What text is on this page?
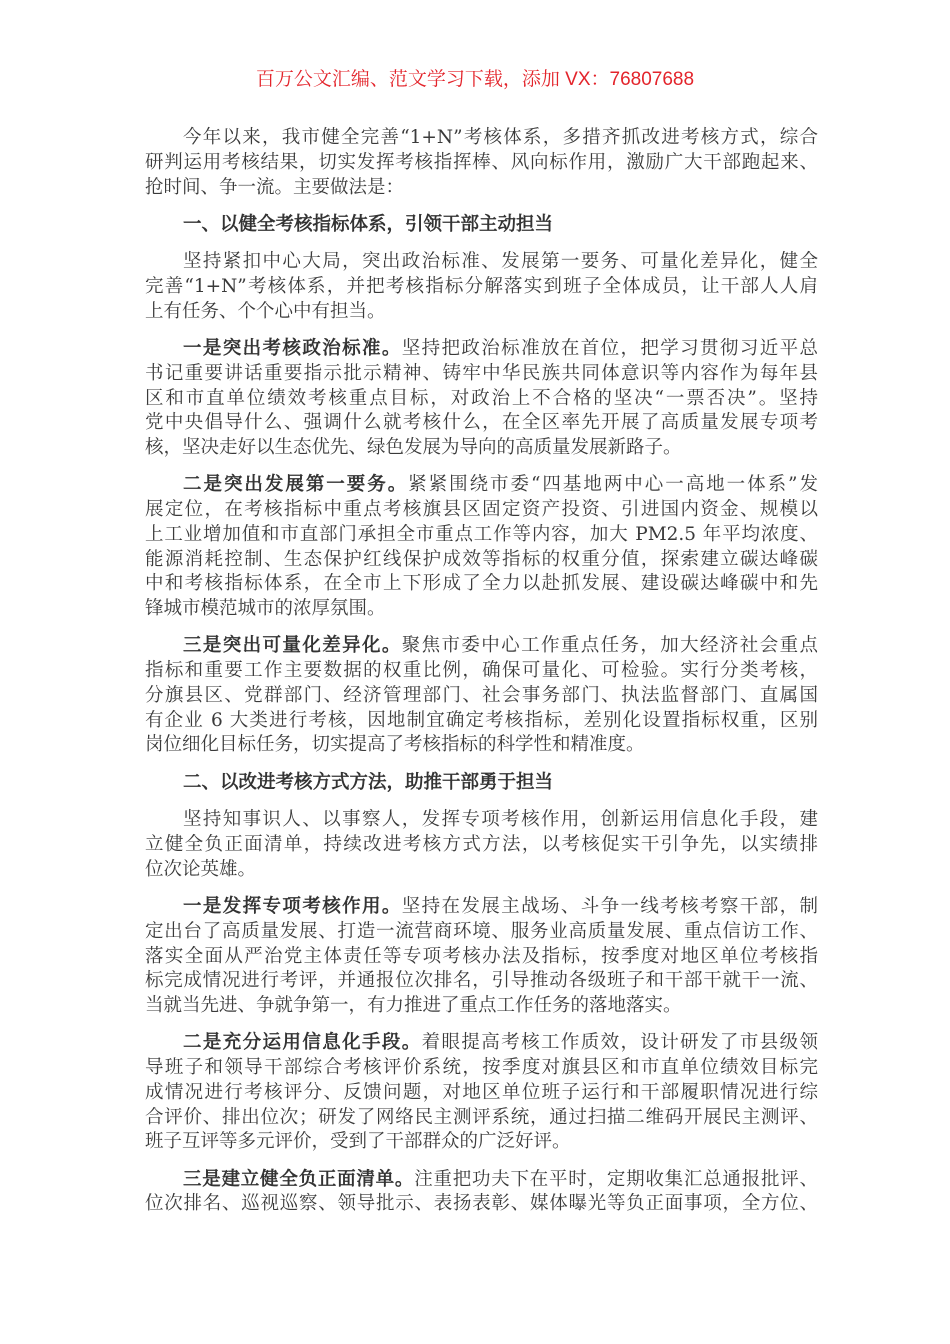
百万公文汇编、范文学习下载，添加 VX：76807688
今年以来，我市健全完善“1+N”考核体系，多措齐抓改进考核方式，综合
研判运用考核结果，切实发挥考核指挥棒、风向标作用，激励广大干部跑起来、
抢时间、争一流。主要做法是：
一、以健全考核指标体系，引领干部主动担当
坚持紧扣中心大局，突出政治标准、发展第一要务、可量化差异化，健全
完善“1+N”考核体系，并把考核指标分解落实到班子全体成员，让干部人人肩
上有任务、个个心中有担当。
一是突出考核政治标准。坚持把政治标准放在首位，把学习贯彻习近平总
书记重要讲话重要指示批示精神、铸牢中华民族共同体意识等内容作为每年县
区和市直单位绩效考核重点目标，对政治上不合格的坚决“一票否决”。坚持
党中央倡导什么、强调什么就考核什么，在全区率先开展了高质量发展专项考
核，坚决走好以生态优先、绿色发展为导向的高质量发展新路子。
二是突出发展第一要务。紧紧围绕市委“四基地两中心一高地一体系”发
展定位，在考核指标中重点考核旗县区固定资产投资、引进国内资金、规模以
上工业增加值和市直部门承担全市重点工作等内容，加大 PM2.5 年平均浓度、
能源消耗控制、生态保护红线保护成效等指标的权重分值，探索建立碳达峰碳
中和考核指标体系，在全市上下形成了全力以赴抓发展、建设碳达峰碳中和先
锋城市模范城市的浓厚氛围。
三是突出可量化差异化。聚焦市委中心工作重点任务，加大经济社会重点
指标和重要工作主要数据的权重比例，确保可量化、可检验。实行分类考核，
分旗县区、党群部门、经济管理部门、社会事务部门、执法监督部门、直属国
有企业 6 大类进行考核，因地制宜确定考核指标，差别化设置指标权重，区别
岗位细化目标任务，切实提高了考核指标的科学性和精准度。
二、以改进考核方式方法，助推干部勇于担当
坚持知事识人、以事察人，发挥专项考核作用，创新运用信息化手段，建
立健全负正面清单，持续改进考核方式方法，以考核促实干引争先，以实绩排
位次论英雄。
一是发挥专项考核作用。坚持在发展主战场、斗争一线考核考察干部，制
定出台了高质量发展、打造一流营商环境、服务业高质量发展、重点信访工作、
落实全面从严治党主体责任等专项考核办法及指标，按季度对地区单位考核指
标完成情况进行考评，并通报位次排名，引导推动各级班子和干部干就干一流、
当就当先进、争就争第一，有力推进了重点工作任务的落地落实。
二是充分运用信息化手段。着眼提高考核工作质效，设计研发了市县级领
导班子和领导干部综合考核评价系统，按季度对旗县区和市直单位绩效目标完
成情况进行考核评分、反馈问题，对地区单位班子运行和干部履职情况进行综
合评价、排出位次；研发了网络民主测评系统，通过扫描二维码开展民主测评、
班子互评等多元评价，受到了干部群众的广泛好评。
三是建立健全负正面清单。注重把功夫下在平时，定期收集汇总通报批评、
位次排名、巡视巡察、领导批示、表扬表彰、媒体曝光等负正面事项，全方位、
